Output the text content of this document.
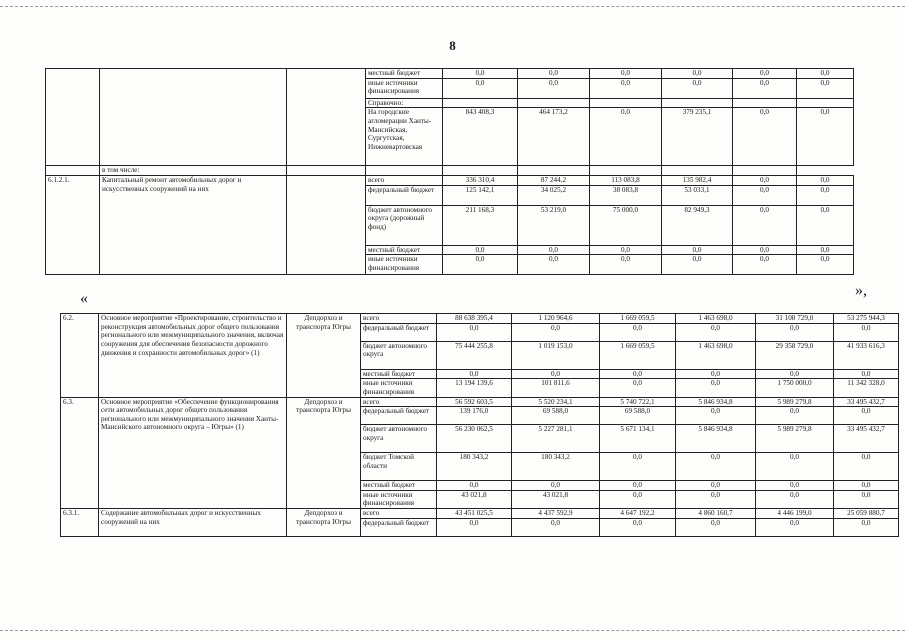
8
			местный бюджет	0,0	0,0	0,0	0,0	0,0	0,0
			иные источники финансирования	0,0	0,0	0,0	0,0	0,0	0,0
			Справочно:						
			На городские агломерации Ханты-Мансийская, Сургутская, Нижневартовская	843 408,3	464 173,2	0,0	379 235,1	0,0	0,0
	в том числе:								
6.1.2.1.	Капитальный ремонт автомобильных дорог и искусственных сооружений на них		всего	336 310,4	87 244,2	113 083,8	135 982,4	0,0	0,0
			федеральный бюджет	125 142,1	34 025,2	38 083,8	53 033,1	0,0	0,0
			бюджет автономного округа (дорожный фонд)	211 168,3	53 219,0	75 000,0	82 949,3	0,0	0,0
			местный бюджет	0,0	0,0	0,0	0,0	0,0	0,0
			иные источники финансирования	0,0	0,0	0,0	0,0	0,0	0,0
«	»,
6.2.	Основное мероприятие «Проектирование, строительство и реконструкция автомобильных дорог общего пользования регионального или межмуниципального значения, включая сооружения для обеспечения безопасности дорожного движения и сохранности автомобильных дорог» (1)	Депдорхоз и транспорта Югры	всего	88 638 395,4	1 120 964,6	1 669 059,5	1 463 698,0	31 108 729,0	53 275 944,3
			федеральный бюджет	0,0	0,0	0,0	0,0	0,0	0,0
			бюджет автономного округа	75 444 255,8	1 019 153,0	1 669 059,5	1 463 698,0	29 358 729,0	41 933 616,3
			местный бюджет	0,0	0,0	0,0	0,0	0,0	0,0
			иные источники финансирования	13 194 139,6	101 811,6	0,0	0,0	1 750 000,0	11 342 328,0
6.3.	Основное мероприятие «Обеспечение функционирования сети автомобильных дорог общего пользования регионального или межмуниципального значения Ханты-Мансийского автономного округа – Югры» (1)	Депдорхоз и транспорта Югры	всего	56 592 603,5	5 520 234,1	5 740 722,1	5 846 934,8	5 989 279,8	33 495 432,7
			федеральный бюджет	139 176,0	69 588,0	69 588,0	0,0	0,0	0,0
			бюджет автономного округа	56 230 062,5	5 227 281,1	5 671 134,1	5 846 934,8	5 989 279,8	33 495 432,7
			бюджет Томской области	180 343,2	180 343,2	0,0	0,0	0,0	0,0
			местный бюджет	0,0	0,0	0,0	0,0	0,0	0,0
			иные источники финансирования	43 021,8	43 021,8	0,0	0,0	0,0	0,0
6.3.1.	Содержание автомобильных дорог и искусственных сооружений на них	Депдорхоз и транспорта Югры	всего	43 451 025,5	4 437 592,9	4 647 192,2	4 860 160,7	4 446 199,0	25 059 880,7
			федеральный бюджет	0,0	0,0	0,0	0,0	0,0	0,0
